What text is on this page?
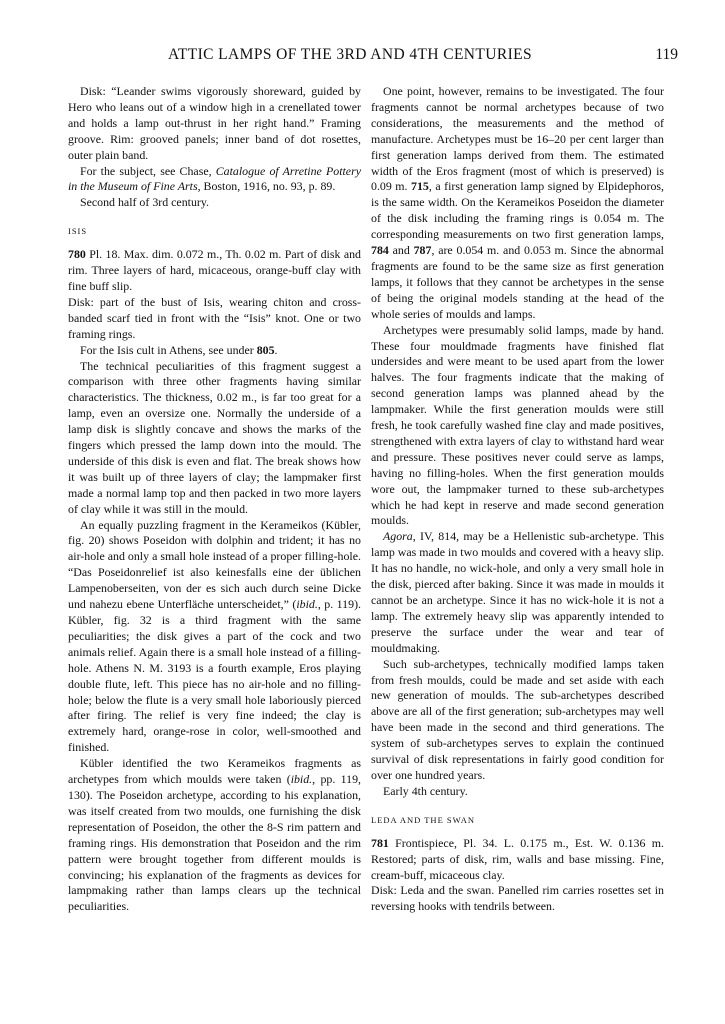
ATTIC LAMPS OF THE 3RD AND 4TH CENTURIES	119

Disk: “Leander swims vigorously shoreward, guided by Hero who leans out of a window high in a crenellated tower and holds a lamp out-thrust in her right hand.” Framing groove. Rim: grooved panels; inner band of dot rosettes, outer plain band.

For the subject, see Chase, Catalogue of Arretine Pottery in the Museum of Fine Arts, Boston, 1916, no. 93, p. 89.

Second half of 3rd century.

ISIS

780 Pl. 18. Max. dim. 0.072 m., Th. 0.02 m. Part of disk and rim. Three layers of hard, micaceous, orange-buff clay with fine buff slip.

Disk: part of the bust of Isis, wearing chiton and cross-banded scarf tied in front with the “Isis” knot. One or two framing rings.

For the Isis cult in Athens, see under 805.

The technical peculiarities of this fragment suggest a comparison with three other fragments having similar characteristics. The thickness, 0.02 m., is far too great for a lamp, even an oversize one. Normally the underside of a lamp disk is slightly concave and shows the marks of the fingers which pressed the lamp down into the mould. The underside of this disk is even and flat. The break shows how it was built up of three layers of clay; the lampmaker first made a normal lamp top and then packed in two more layers of clay while it was still in the mould.

An equally puzzling fragment in the Kerameikos (Kübler, fig. 20) shows Poseidon with dolphin and trident; it has no air-hole and only a small hole instead of a proper filling-hole. “Das Poseidonrelief ist also keinesfalls eine der üblichen Lampenoberseiten, von der es sich auch durch seine Dicke und nahezu ebene Unterfläche unterscheidet,” (ibid., p. 119). Kübler, fig. 32 is a third fragment with the same peculiarities; the disk gives a part of the cock and two animals relief. Again there is a small hole instead of a filling-hole. Athens N. M. 3193 is a fourth example, Eros playing double flute, left. This piece has no air-hole and no filling-hole; below the flute is a very small hole laboriously pierced after firing. The relief is very fine indeed; the clay is extremely hard, orange-rose in color, well-smoothed and finished.

Kübler identified the two Kerameikos fragments as archetypes from which moulds were taken (ibid., pp. 119, 130). The Poseidon archetype, according to his explanation, was itself created from two moulds, one furnishing the disk representation of Poseidon, the other the 8-S rim pattern and framing rings. His demonstration that Poseidon and the rim pattern were brought together from different moulds is convincing; his explanation of the fragments as devices for lampmaking rather than lamps clears up the technical peculiarities.

One point, however, remains to be investigated. The four fragments cannot be normal archetypes because of two considerations, the measurements and the method of manufacture. Archetypes must be 16–20 per cent larger than first generation lamps derived from them. The estimated width of the Eros fragment (most of which is preserved) is 0.09 m. 715, a first generation lamp signed by Elpidephoros, is the same width. On the Kerameikos Poseidon the diameter of the disk including the framing rings is 0.054 m. The corresponding measurements on two first generation lamps, 784 and 787, are 0.054 m. and 0.053 m. Since the abnormal fragments are found to be the same size as first generation lamps, it follows that they cannot be archetypes in the sense of being the original models standing at the head of the whole series of moulds and lamps.

Archetypes were presumably solid lamps, made by hand. These four mouldmade fragments have finished flat undersides and were meant to be used apart from the lower halves. The four fragments indicate that the making of second generation lamps was planned ahead by the lampmaker. While the first generation moulds were still fresh, he took carefully washed fine clay and made positives, strengthened with extra layers of clay to withstand hard wear and pressure. These positives never could serve as lamps, having no filling-holes. When the first generation moulds wore out, the lampmaker turned to these sub-archetypes which he had kept in reserve and made second generation moulds.

Agora, IV, 814, may be a Hellenistic sub-archetype. This lamp was made in two moulds and covered with a heavy slip. It has no handle, no wick-hole, and only a very small hole in the disk, pierced after baking. Since it was made in moulds it cannot be an archetype. Since it has no wick-hole it is not a lamp. The extremely heavy slip was apparently intended to preserve the surface under the wear and tear of mouldmaking.

Such sub-archetypes, technically modified lamps taken from fresh moulds, could be made and set aside with each new generation of moulds. The sub-archetypes described above are all of the first generation; sub-archetypes may well have been made in the second and third generations. The system of sub-archetypes serves to explain the continued survival of disk representations in fairly good condition for over one hundred years.

Early 4th century.

LEDA AND THE SWAN

781 Frontispiece, Pl. 34. L. 0.175 m., Est. W. 0.136 m. Restored; parts of disk, rim, walls and base missing. Fine, cream-buff, micaceous clay.

Disk: Leda and the swan. Panelled rim carries rosettes set in reversing hooks with tendrils between.
